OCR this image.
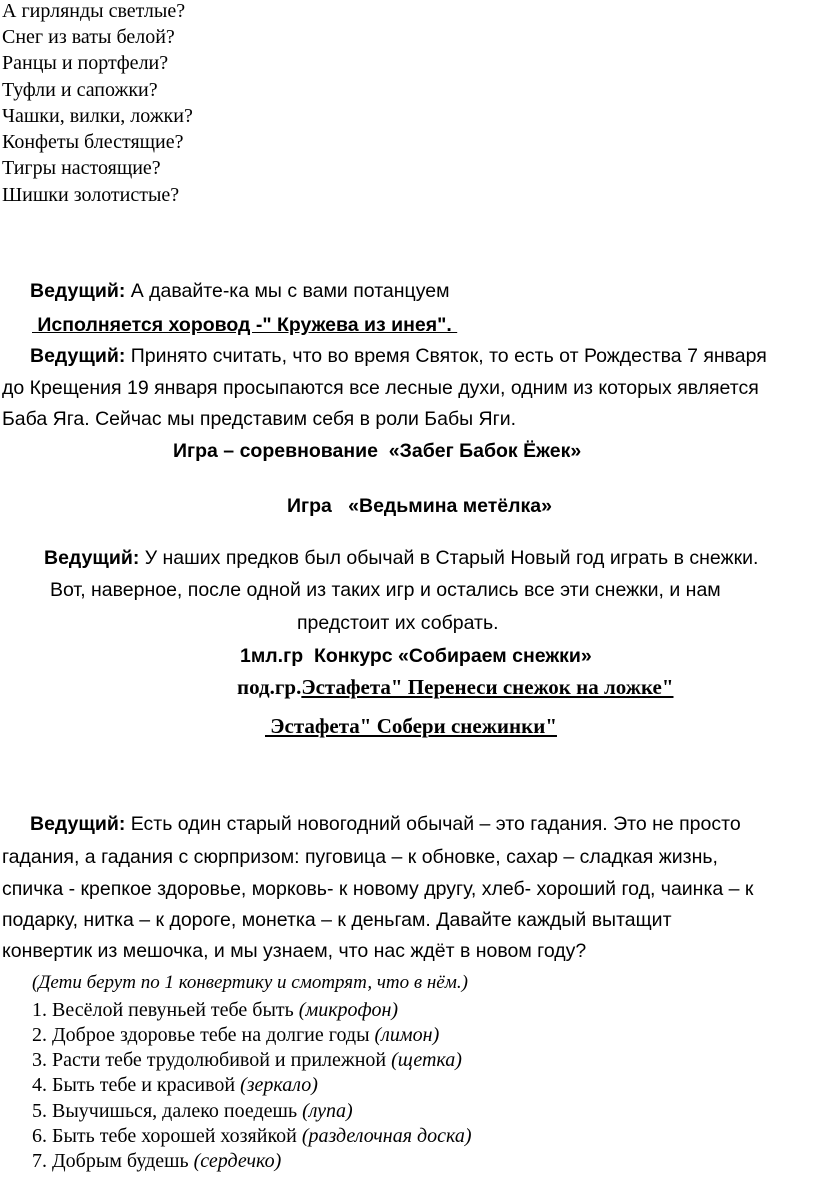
А гирлянды светлые?
Снег из ваты белой?
Ранцы и портфели?
Туфли и сапожки?
Чашки, вилки, ложки?
Конфеты блестящие?
Тигры настоящие?
Шишки золотистые?
Ведущий: А давайте-ка мы с вами потанцуем
Исполняется хоровод -" Кружева из инея".
Ведущий: Принято считать, что во время Святок, то есть от Рождества 7 января
до Крещения 19 января просыпаются все лесные духи, одним из которых является
Баба Яга. Сейчас мы представим себя в роли Бабы Яги.
Игра – соревнование  «Забег Бабок Ёжек»
Игра   «Ведьмина метёлка»
Ведущий: У наших предков был обычай в Старый Новый год играть в снежки.
Вот, наверное, после одной из таких игр и остались все эти снежки, и нам
предстоит их собрать.
1мл.гр  Конкурс «Собираем снежки»
под.гр.Эстафета" Перенеси снежок на ложке"
Эстафета" Собери снежинки"
Ведущий: Есть один старый новогодний обычай – это гадания. Это не просто
гадания, а гадания с сюрпризом: пуговица – к обновке, сахар – сладкая жизнь,
спичка - крепкое здоровье, морковь- к новому другу, хлеб- хороший год, чаинка – к
подарку, нитка – к дороге, монетка – к деньгам. Давайте каждый вытащит
конвертик из мешочка, и мы узнаем, что нас ждёт в новом году?
(Дети берут по 1 конвертику и смотрят, что в нём.)
1. Весёлой певуньей тебе быть (микрофон)
2. Доброе здоровье тебе на долгие годы (лимон)
3. Расти тебе трудолюбивой и прилежной (щетка)
4. Быть тебе и красивой (зеркало)
5. Выучишься, далеко поедешь (лупа)
6. Быть тебе хорошей хозяйкой (разделочная доска)
7. Добрым будешь (сердечко)
